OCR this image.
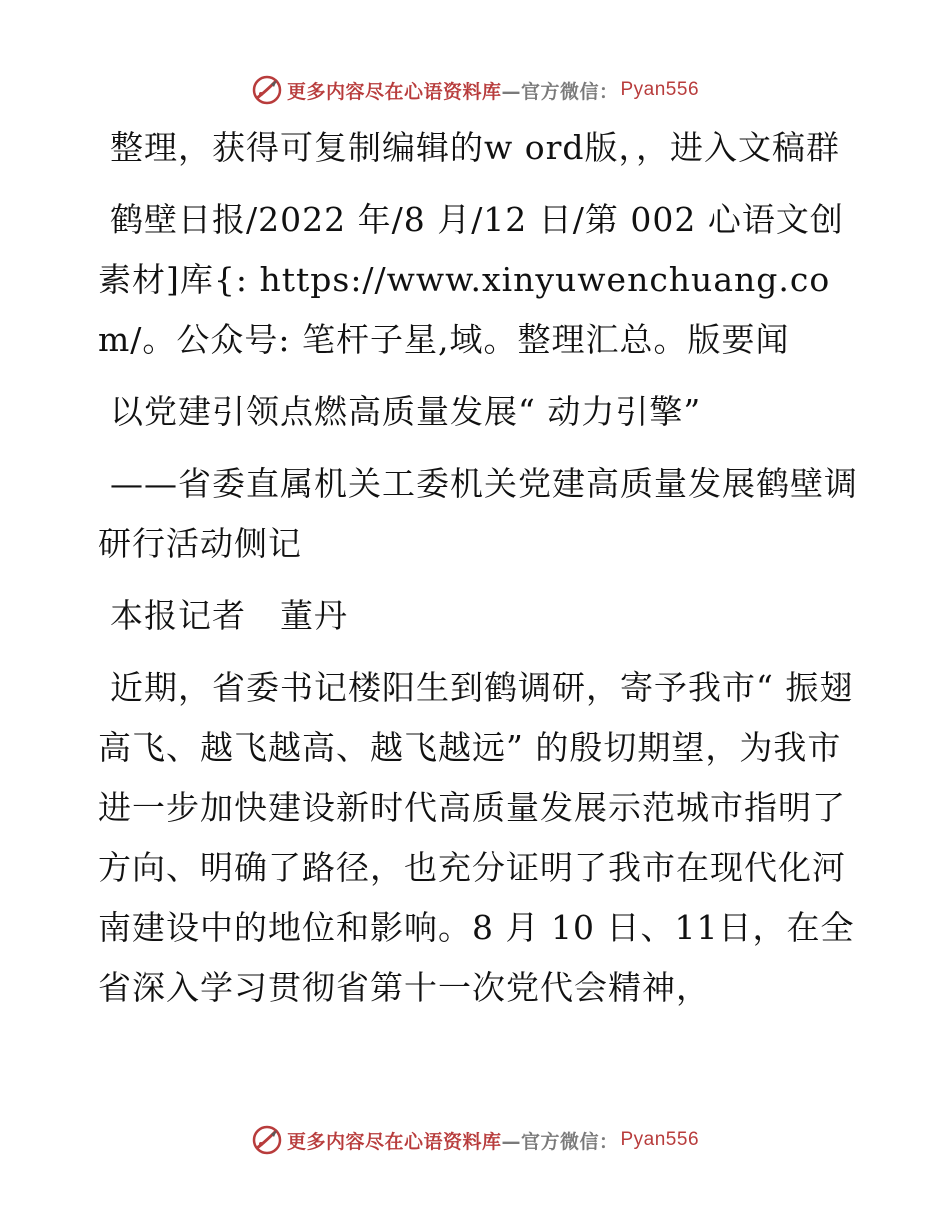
更多内容尽在心语资料库 —官方微信： Pyan556

整理，获得可复制编辑的w ord版，，进入文稿群

鹤壁日报/2022 年/8 月/12 日/第 002 心语文创素材]库{: https://www.xinyuwenchuang.com/。公众号: 笔杆子星,域。整理汇总。版要闻

以党建引领点燃高质量发展“ 动力引擎”

——省委直属机关工委机关党建高质量发展鹤壁调研行活动侧记

本报记者　董丹

近期，省委书记楼阳生到鹤调研，寄予我市“ 振翅高飞、越飞越高、越飞越远” 的殷切期望，为我市进一步加快建设新时代高质量发展示范城市指明了方向、明确了路径，也充分证明了我市在现代化河南建设中的地位和影响。8 月 10 日、11日，在全省深入学习贯彻省第十一次党代会精神，

更多内容尽在心语资料库 —官方微信： Pyan556
